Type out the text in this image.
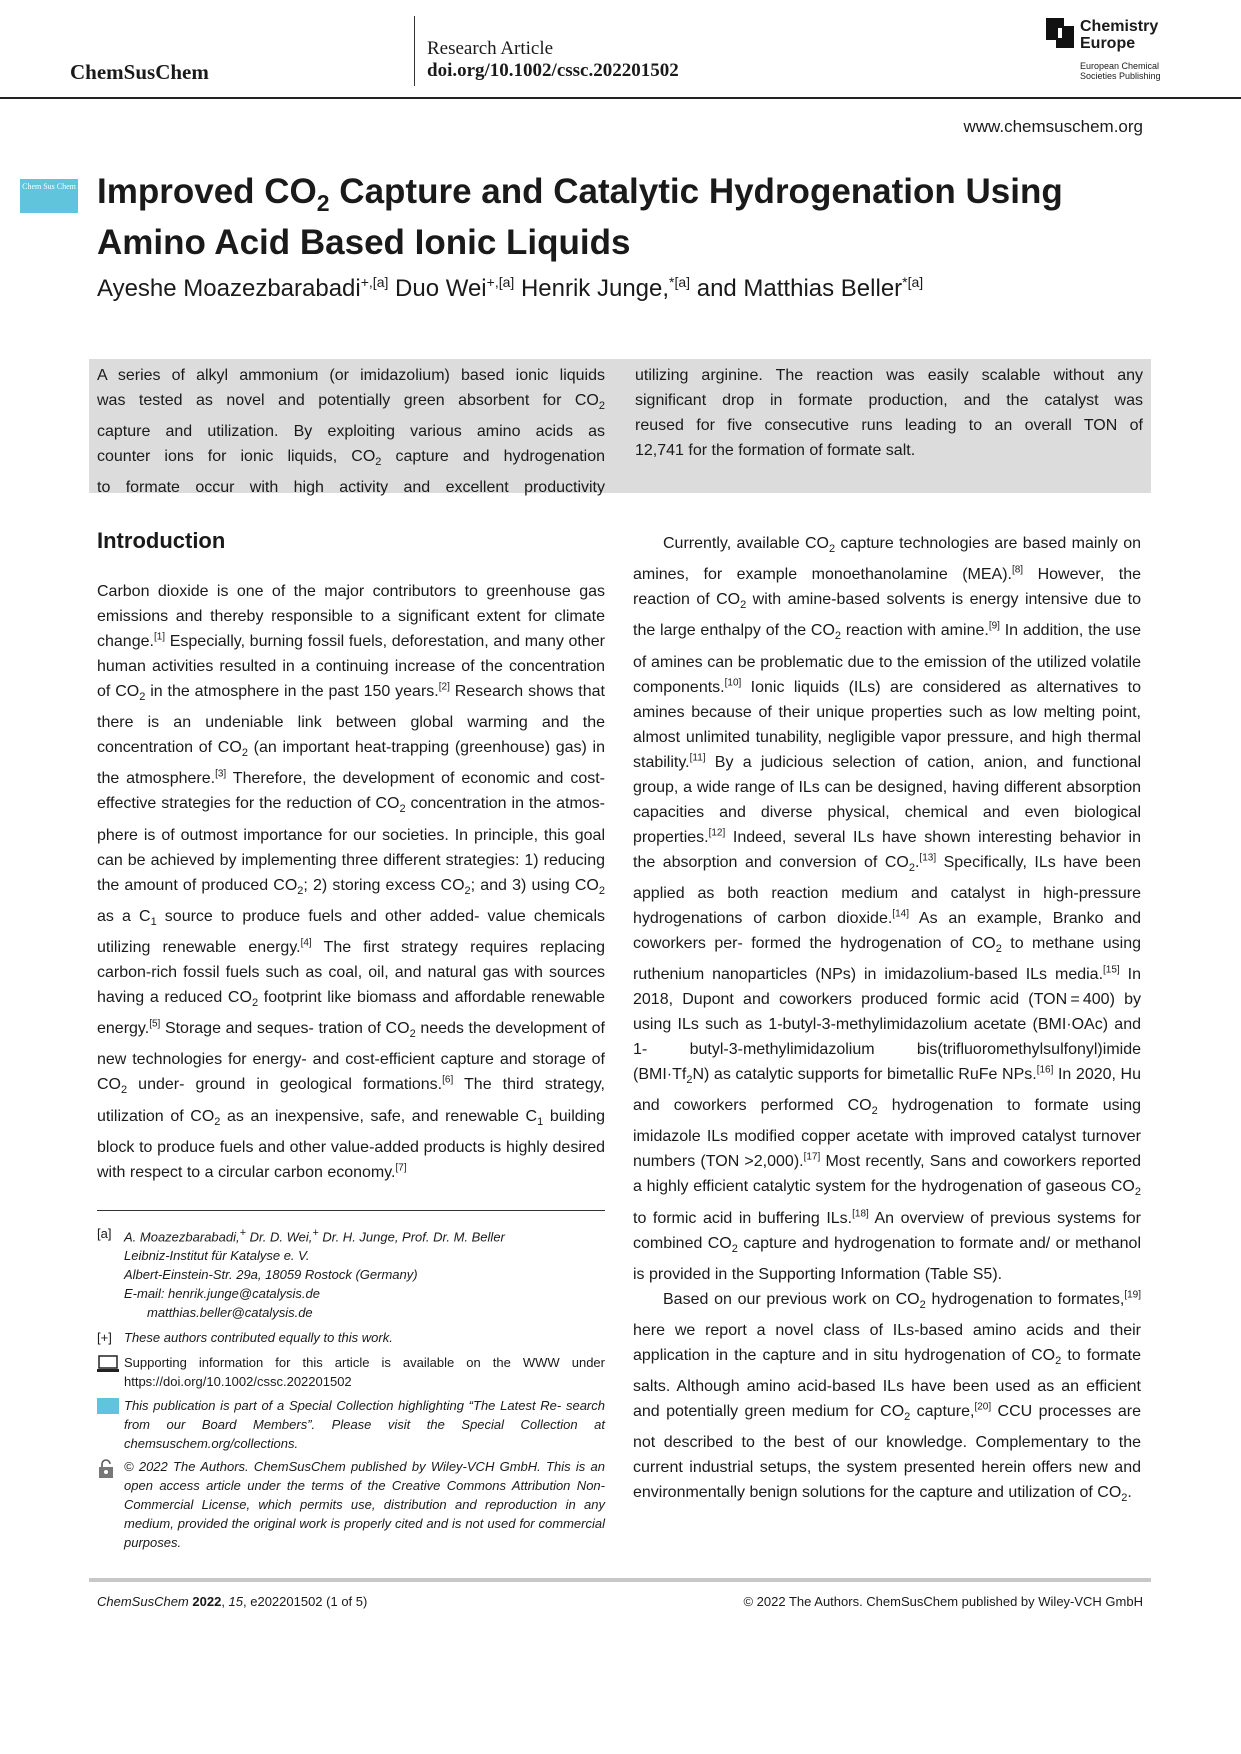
ChemSusChem
Research Article
doi.org/10.1002/cssc.202201502
Chemistry Europe
European Chemical Societies Publishing
www.chemsuschem.org
Chem Sus Chem Improved $CO_2$ Capture and Catalytic Hydrogenation Using Amino Acid Based Ionic Liquids
Ayeshe Moazezbarabadi$^{+,[a]}$ Duo Wei$^{+,[a]}$ Henrik Junge,$^{*[a]}$ and Matthias Beller$^{*[a]}$
A series of alkyl ammonium (or imidazolium) based ionic liquids
was tested as novel and potentially green absorbent for $CO_2$
capture and utilization. By exploiting various amino acids as
counter ions for ionic liquids, $CO_2$ capture and hydrogenation
to formate occur with high activity and excellent productivity
utilizing arginine. The reaction was easily scalable without any
significant drop in formate production, and the catalyst was
reused for five consecutive runs leading to an overall TON of
12,741 for the formation of formate salt.
Introduction
Carbon dioxide is one of the major contributors to greenhouse gas emissions and thereby responsible to a significant extent for climate change.[1] Especially, burning fossil fuels, deforestation, and many other human activities resulted in a continuing increase of the concentration of $CO_2$ in the atmosphere in the past 150 years.[2] Research shows that there is an undeniable link between global warming and the concentration of $CO_2$ (an important heat-trapping (greenhouse) gas) in the atmosphere.[3] Therefore, the development of economic and cost-effective strategies for the reduction of $CO_2$ concentration in the atmos- phere is of outmost importance for our societies. In principle, this goal can be achieved by implementing three different strategies: 1) reducing the amount of produced $CO_2$; 2) storing excess $CO_2$; and 3) using $CO_2$ as a $C_1$ source to produce fuels and other added- value chemicals utilizing renewable energy.[4] The first strategy requires replacing carbon-rich fossil fuels such as coal, oil, and natural gas with sources having a reduced $CO_2$ footprint like biomass and affordable renewable energy.[5] Storage and seques- tration of $CO_2$ needs the development of new technologies for energy- and cost-efficient capture and storage of $CO_2$ under- ground in geological formations.[6] The third strategy, utilization of $CO_2$ as an inexpensive, safe, and renewable $C_1$ building block to produce fuels and other value-added products is highly desired with respect to a circular carbon economy.[7]

Currently, available $CO_2$ capture technologies are based mainly on amines, for example monoethanolamine (MEA).[8] However, the reaction of $CO_2$ with amine-based solvents is energy intensive due to the large enthalpy of the $CO_2$ reaction with amine.[9] In addition, the use of amines can be problematic due to the emission of the utilized volatile components.[10] Ionic liquids (ILs) are considered as alternatives to amines because of their unique properties such as low melting point, almost unlimited tunability, negligible vapor pressure, and high thermal stability.[11] By a judicious selection of cation, anion, and functional group, a wide range of ILs can be designed, having different absorption capacities and diverse physical, chemical and even biological properties.[12] Indeed, several ILs have shown interesting behavior in the absorption and conversion of $CO_2.[13]$ Specifically, ILs have been applied as both reaction medium and catalyst in high-pressure hydrogenations of carbon dioxide.[14] As an example, Branko and coworkers per- formed the hydrogenation of $CO_2$ to methane using ruthenium nanoparticles (NPs) in imidazolium-based ILs media.[15] In 2018, Dupont and coworkers produced formic acid (TON = 400) by using ILs such as 1-butyl-3-methylimidazolium acetate (BMI·OAc) and 1- butyl-3-methylimidazolium bis(trifluoromethylsulfonyl)imide $(BMI\cdot Tf_2N)$ as catalytic supports for bimetallic RuFe NPs.[16] In 2020, Hu and coworkers performed $CO_2$ hydrogenation to formate using imidazole ILs modified copper acetate with improved catalyst turnover numbers (TON >2,000).[17] Most recently, Sans and coworkers reported a highly efficient catalytic system for the hydrogenation of gaseous $CO_2$ to formic acid in buffering ILs.[18] An overview of previous systems for combined $CO_2$ capture and hydrogenation to formate and/ or methanol is provided in the Supporting Information (Table S5).

Based on our previous work on $CO_2$ hydrogenation to formates,[19] here we report a novel class of ILs-based amino acids and their application in the capture and in situ hydrogenation of $CO_2$ to formate salts. Although amino acid-based ILs have been used as an efficient and potentially green medium for $CO_2$ capture,[20] CCU processes are not described to the best of our knowledge. Complementary to the current industrial setups, the system presented herein offers new and environmentally benign solutions for the capture and utilization of $CO_2$.

[a] A. Moazezbarabadi,+ Dr. D. Wei,+ Dr. H. Junge, Prof. Dr. M. Beller
Leibniz-Institut für Katalyse e. V.
Albert-Einstein-Str. 29a, 18059 Rostock (Germany)
E-mail: henrik.junge@catalysis.de
matthias.beller@catalysis.de
[+] These authors contributed equally to this work.
Supporting information for this article is available on the WWW under https://doi.org/10.1002/cssc.202201502
This publication is part of a Special Collection highlighting “The Latest Re- search from our Board Members”. Please visit the Special Collection at chemsuschem.org/collections.
© 2022 The Authors. ChemSusChem published by Wiley-VCH GmbH. This is an open access article under the terms of the Creative Commons Attribution Non-Commercial License, which permits use, distribution and reproduction in any medium, provided the original work is properly cited and is not used for commercial purposes.
ChemSusChem 2022, 15, e202201502 (1 of 5)	© 2022 The Authors. ChemSusChem published by Wiley-VCH GmbH
